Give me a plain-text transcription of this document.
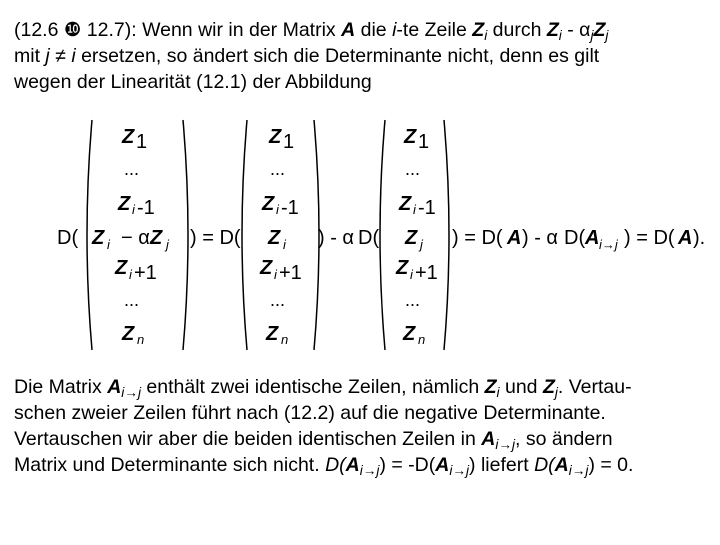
(12.6 ❿ 12.7): Wenn wir in der Matrix A die i-te Zeile $Z_i$ durch $Z_i - \alpha_jZ_j$
mit j ≠ i ersetzen, so ändert sich die Determinante nicht, denn es gilt
wegen der Linearität (12.1) der Abbildung
Z 1
...
Z i -1
Z i − α Z j
Z i +1
...
Z n
Z 1
...
Z i -1
Z i
Z i +1
...
Z n
Z 1
...
Z i -1
Z j
Z i +1
...
Z n
D(	) = D(	) - α D(	) = D( A ) - α D( A i→j ) = D( A ).
Die Matrix $A_{i\to j}$ enthält zwei identische Zeilen, nämlich $Z_i$ und $Z_j$. Vertau-
schen zweier Zeilen führt nach (12.2) auf die negative Determinante.
Vertauschen wir aber die beiden identischen Zeilen in $A_{i\to j}$, so ändern
Matrix und Determinante sich nicht. $D(A_{i\to j}) = -D(A_{i\to j})$ liefert $D(A_{i\to j}) = 0$.
